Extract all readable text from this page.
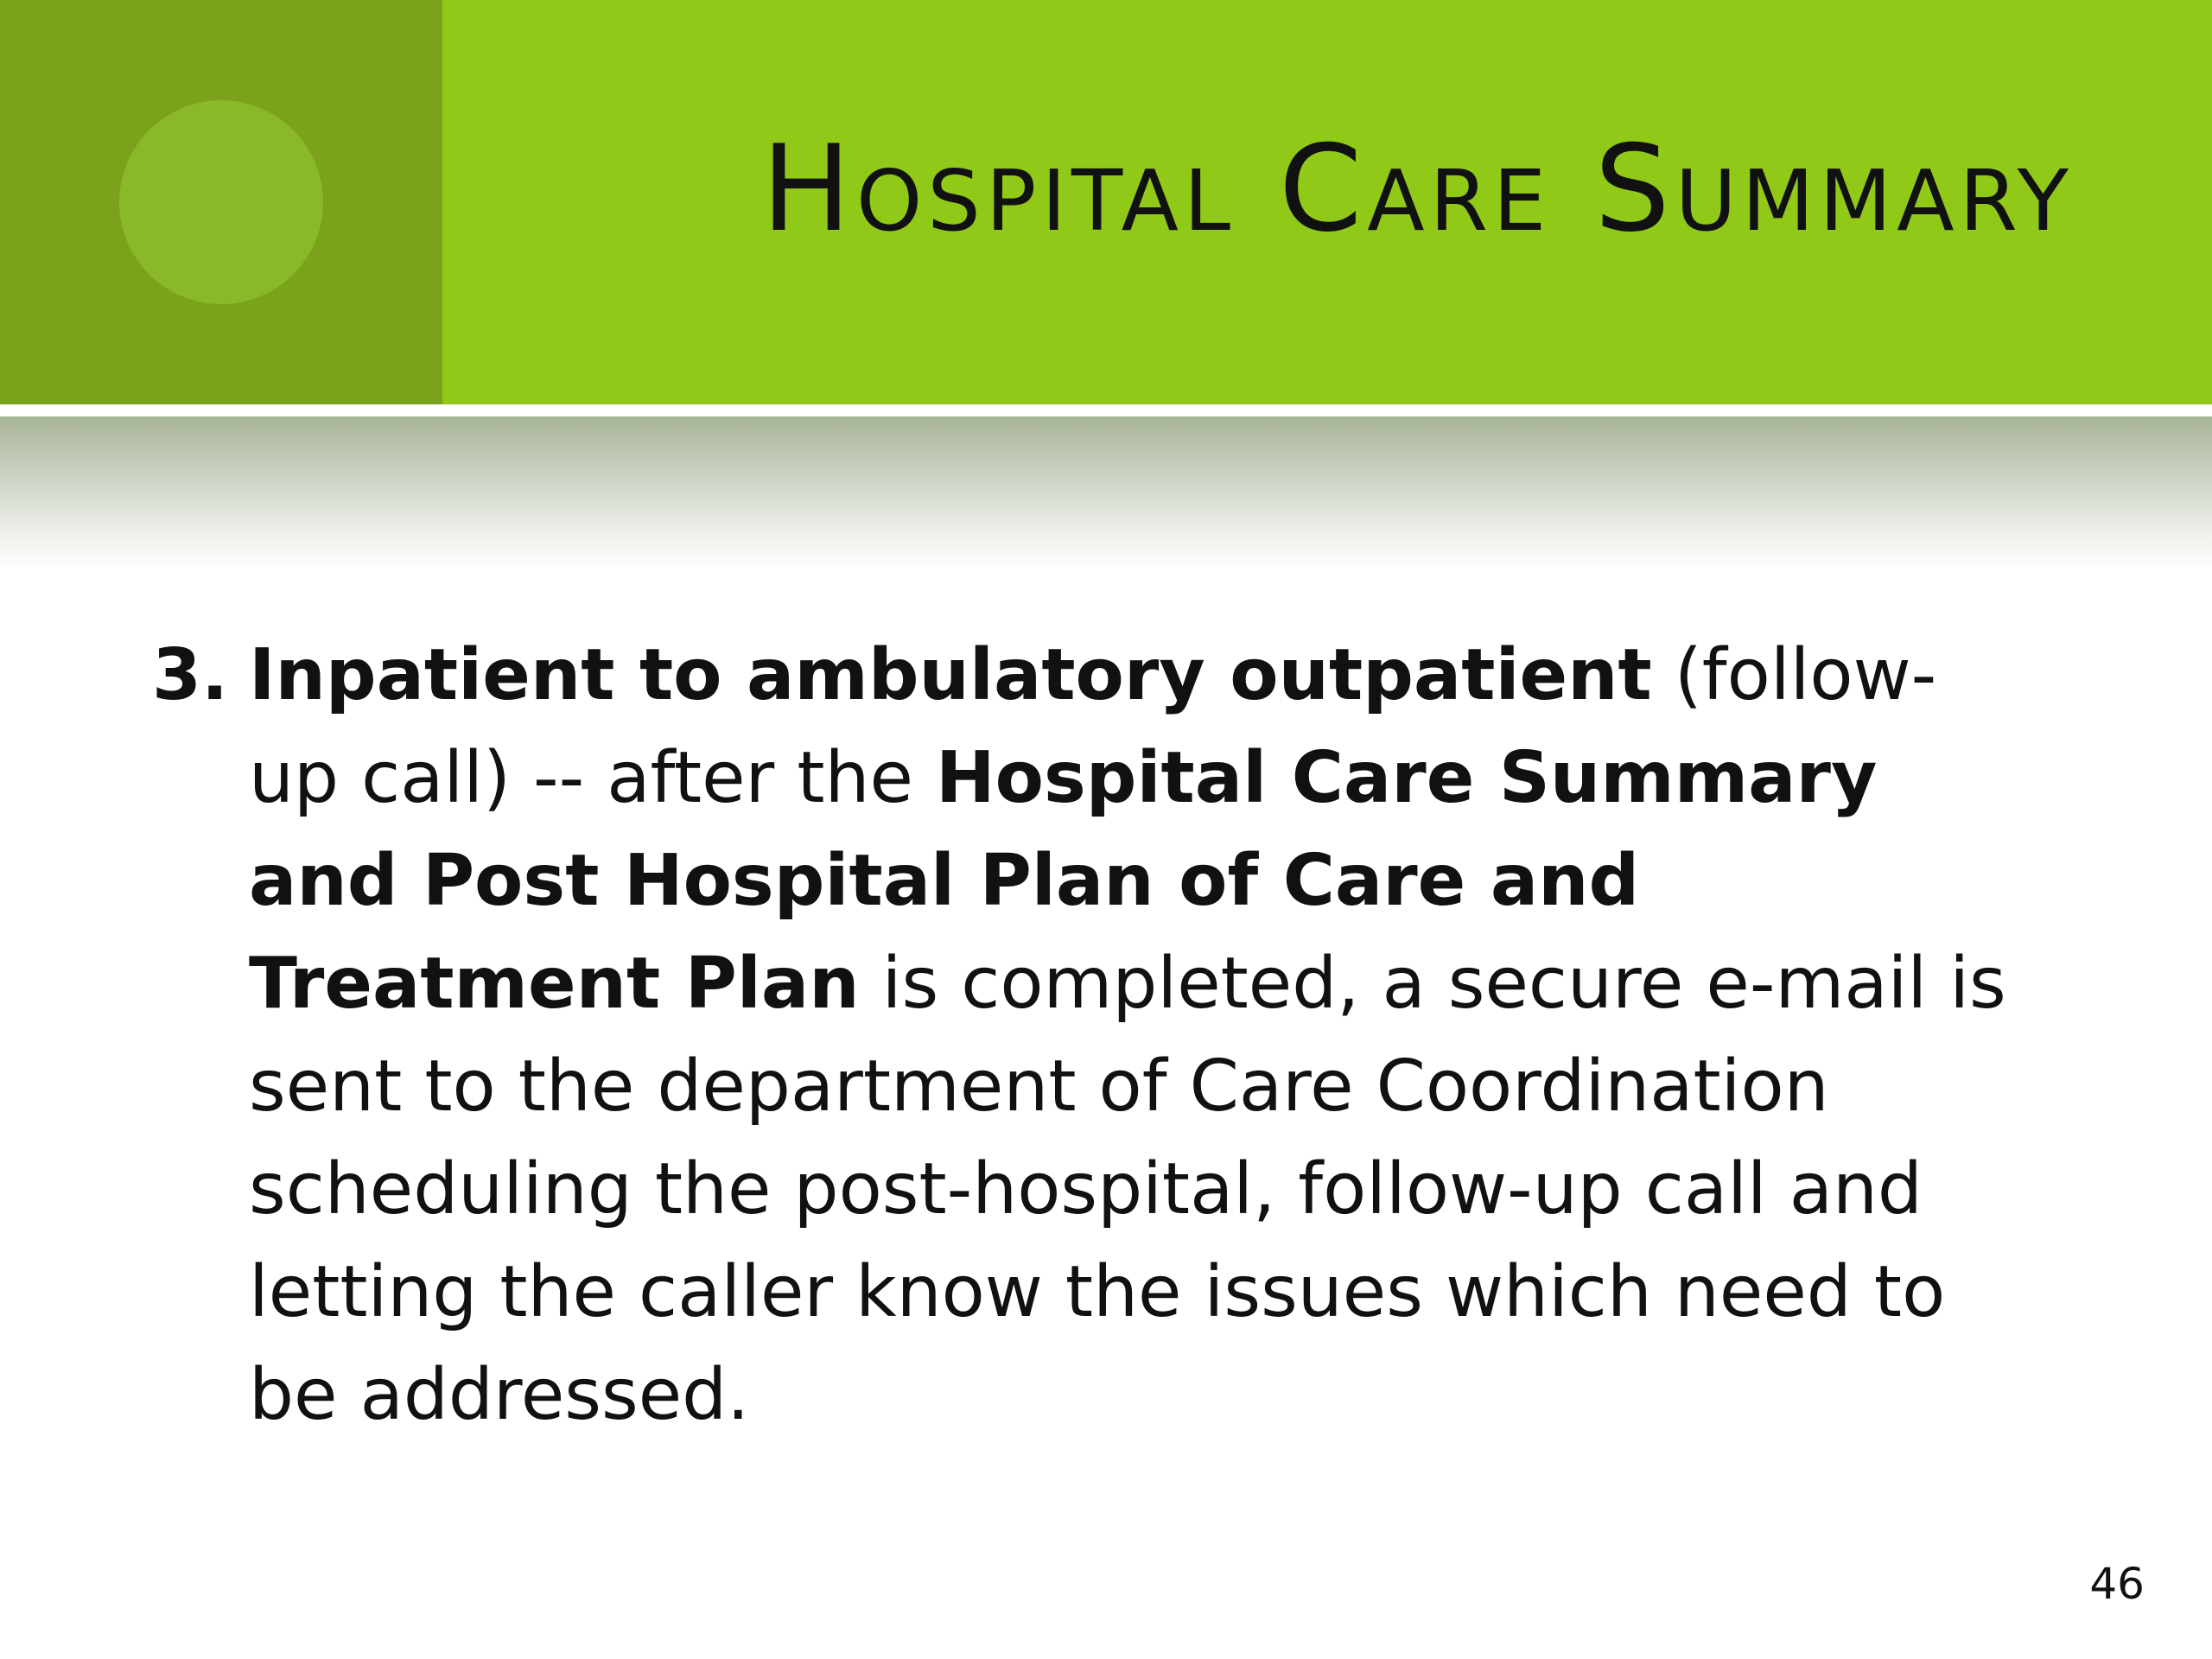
Hospital Care Summary
3. Inpatient to ambulatory outpatient (follow-up call) -- after the Hospital Care Summary and Post Hospital Plan of Care and Treatment Plan is completed, a secure e-mail is sent to the department of Care Coordination scheduling the post-hospital, follow-up call and letting the caller know the issues which need to be addressed.
46
